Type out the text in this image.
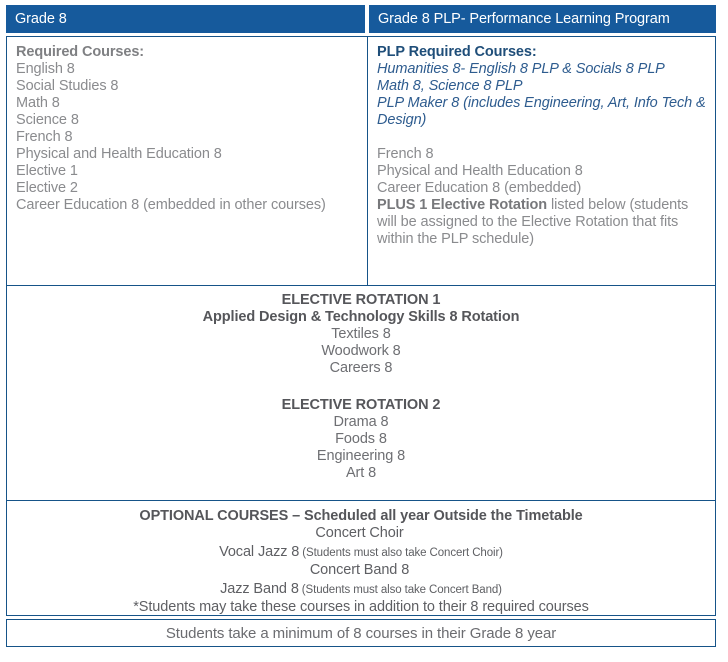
Grade 8	Grade 8 PLP- Performance Learning Program
Required Courses:
English 8
Social Studies 8
Math 8
Science 8
French 8
Physical and Health Education 8
Elective 1
Elective 2
Career Education 8 (embedded in other courses)
PLP Required Courses:
Humanities 8- English 8 PLP & Socials 8 PLP
Math 8, Science 8 PLP
PLP Maker 8 (includes Engineering, Art, Info Tech & Design)
French 8
Physical and Health Education 8
Career Education 8 (embedded)
PLUS 1 Elective Rotation listed below (students will be assigned to the Elective Rotation that fits within the PLP schedule)
ELECTIVE ROTATION 1
Applied Design & Technology Skills 8 Rotation
Textiles 8
Woodwork 8
Careers 8
ELECTIVE ROTATION 2
Drama 8
Foods 8
Engineering 8
Art 8
OPTIONAL COURSES – Scheduled all year Outside the Timetable
Concert Choir
Vocal Jazz 8 (Students must also take Concert Choir)
Concert Band 8
Jazz Band 8 (Students must also take Concert Band)
*Students may take these courses in addition to their 8 required courses
Students take a minimum of 8 courses in their Grade 8 year
